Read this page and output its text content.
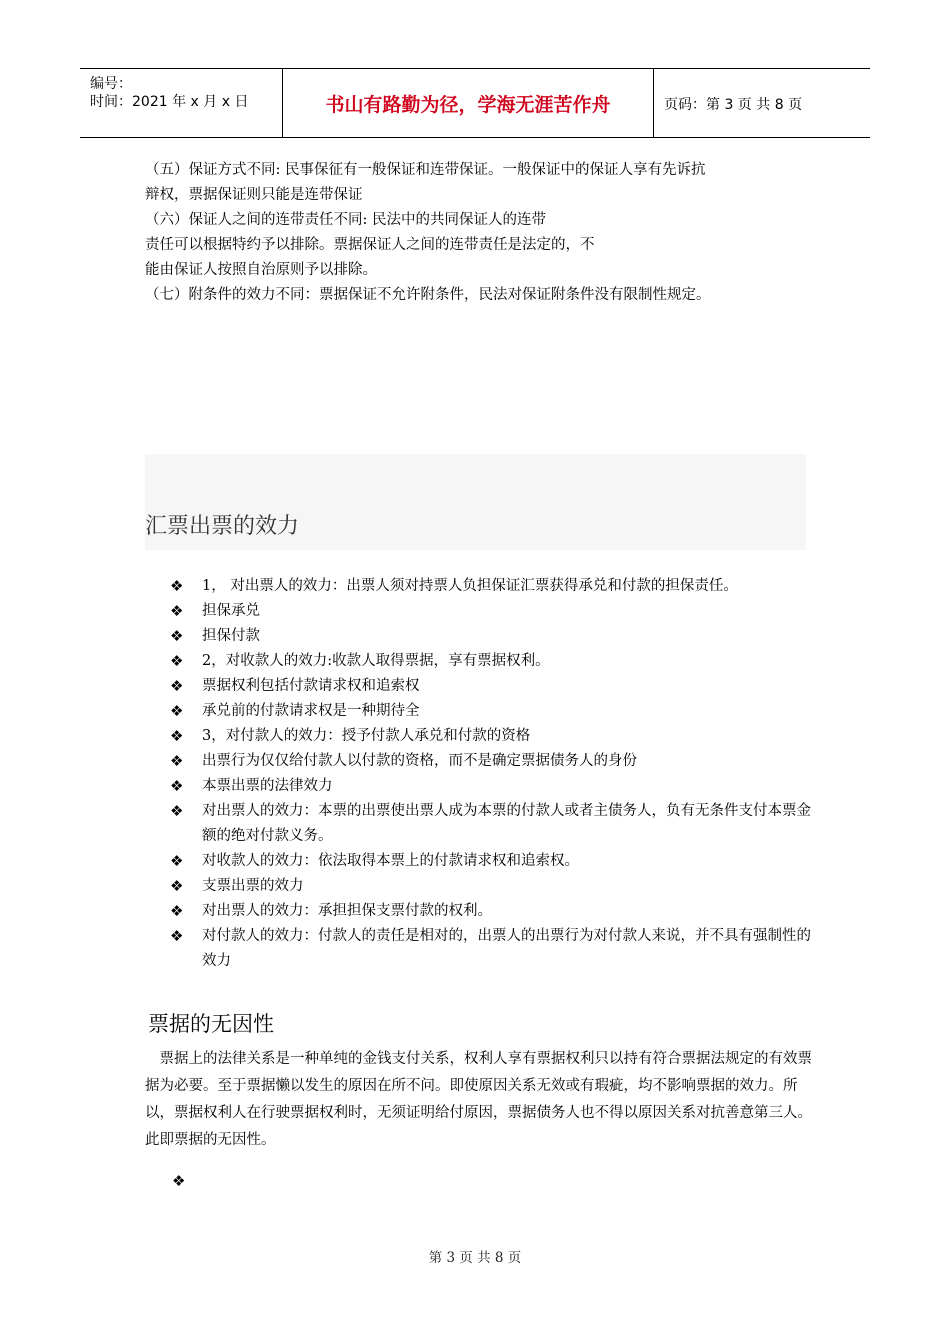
编号：
时间：2021 年 x 月 x 日	书山有路勤为径，学海无涯苦作舟	页码：第 3 页 共 8 页
（五）保证方式不同: 民事保征有一般保证和连带保证。一般保证中的保证人享有先诉抗
辩权，票据保证则只能是连带保证
（六）保证人之间的连带责任不同: 民法中的共同保证人的连带
责任可以根据特约予以排除。票据保证人之间的连带责任是法定的，不
能由保证人按照自治原则予以排除。
（七）附条件的效力不同：票据保证不允许附条件，民法对保证附条件没有限制性规定。
汇票出票的效力
❖ 1， 对出票人的效力：出票人须对持票人负担保证汇票获得承兑和付款的担保责任。
❖ 担保承兑
❖ 担保付款
❖ 2，对收款人的效力:收款人取得票据，享有票据权利。
❖ 票据权利包括付款请求权和追索权
❖ 承兑前的付款请求权是一种期待全
❖ 3，对付款人的效力：授予付款人承兑和付款的资格
❖ 出票行为仅仅给付款人以付款的资格，而不是确定票据债务人的身份
❖ 本票出票的法律效力
❖ 对出票人的效力：本票的出票使出票人成为本票的付款人或者主债务人，负有无条件支付本票金额的绝对付款义务。
❖ 对收款人的效力：依法取得本票上的付款请求权和追索权。
❖ 支票出票的效力
❖ 对出票人的效力：承担担保支票付款的权利。
❖ 对付款人的效力：付款人的责任是相对的，出票人的出票行为对付款人来说，并不具有强制性的效力
票据的无因性
　票据上的法律关系是一种单纯的金钱支付关系，权利人享有票据权利只以持有符合票据法规定的有效票据为必要。至于票据懒以发生的原因在所不问。即使原因关系无效或有瑕疵，均不影响票据的效力。所以，票据权利人在行驶票据权利时，无须证明给付原因，票据债务人也不得以原因关系对抗善意第三人。此即票据的无因性。
❖
第 3 页 共 8 页
